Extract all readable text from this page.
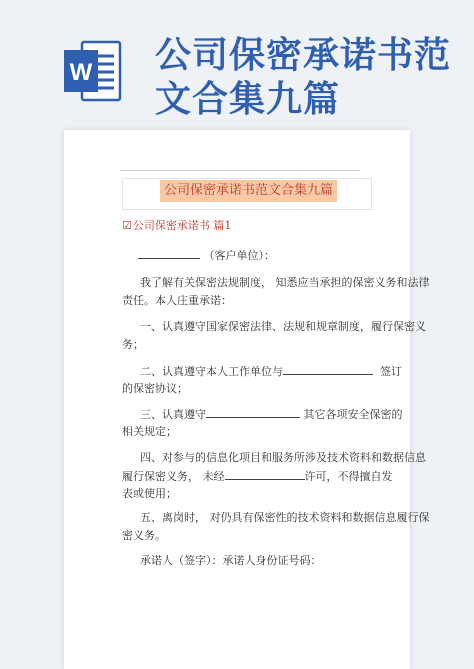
W 公司保密承诺书范
文合集九篇
公司保密承诺书范文合集九篇
☑公司保密承诺书 篇1
（客户单位）：
我了解有关保密法规制度， 知悉应当承担的保密义务和法律
责任。本人庄重承诺：
一、认真遵守国家保密法律、法规和规章制度，履行保密义
务；
二、认真遵守本人工作单位与	签订
的保密协议；
三、认真遵守	其它各项安全保密的
相关规定；
四、对参与的信息化项目和服务所涉及技术资料和数据信息
履行保密义务， 未经	许可，不得擅自发
表或使用；
五、离岗时， 对仍具有保密性的技术资料和数据信息履行保
密义务。
承诺人（签字）：承诺人身份证号码：
